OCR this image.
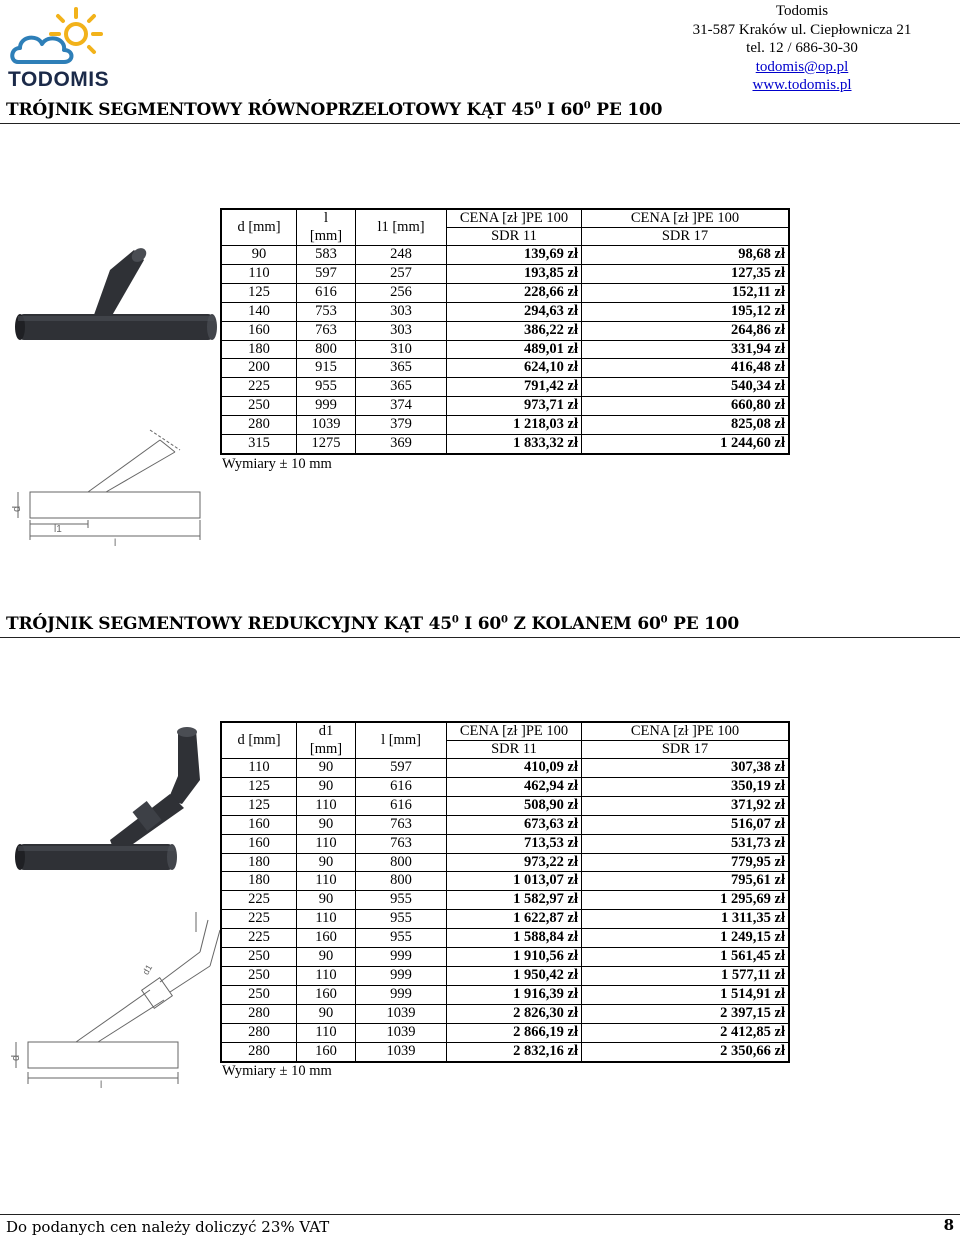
TODOMIS
Todomis
31-587 Kraków ul. Ciepłownicza 21
tel. 12 / 686-30-30
todomis@op.pl
www.todomis.pl
TRÓJNIK SEGMENTOWY RÓWNOPRZELOTOWY KĄT $45^0$ I $60^0$ PE 100
d
l1
l
d [mm]	l	l1 [mm]	CENA [zł ]PE 100	CENA [zł ]PE 100
	[mm]		SDR 11	SDR 17
90	583	248	139,69 zł	98,68 zł
110	597	257	193,85 zł	127,35 zł
125	616	256	228,66 zł	152,11 zł
140	753	303	294,63 zł	195,12 zł
160	763	303	386,22 zł	264,86 zł
180	800	310	489,01 zł	331,94 zł
200	915	365	624,10 zł	416,48 zł
225	955	365	791,42 zł	540,34 zł
250	999	374	973,71 zł	660,80 zł
280	1039	379	1 218,03 zł	825,08 zł
315	1275	369	1 833,32 zł	1 244,60 zł
Wymiary ± 10 mm
TRÓJNIK SEGMENTOWY REDUKCYJNY KĄT $45^0$ I $60^0$ Z KOLANEM $60^0$ PE 100
d
d1
l
d [mm]	d1	l [mm]	CENA [zł ]PE 100	CENA [zł ]PE 100
	[mm]		SDR 11	SDR 17
110	90	597	410,09 zł	307,38 zł
125	90	616	462,94 zł	350,19 zł
125	110	616	508,90 zł	371,92 zł
160	90	763	673,63 zł	516,07 zł
160	110	763	713,53 zł	531,73 zł
180	90	800	973,22 zł	779,95 zł
180	110	800	1 013,07 zł	795,61 zł
225	90	955	1 582,97 zł	1 295,69 zł
225	110	955	1 622,87 zł	1 311,35 zł
225	160	955	1 588,84 zł	1 249,15 zł
250	90	999	1 910,56 zł	1 561,45 zł
250	110	999	1 950,42 zł	1 577,11 zł
250	160	999	1 916,39 zł	1 514,91 zł
280	90	1039	2 826,30 zł	2 397,15 zł
280	110	1039	2 866,19 zł	2 412,85 zł
280	160	1039	2 832,16 zł	2 350,66 zł
Wymiary ± 10 mm
Do podanych cen należy doliczyć 23% VAT	8
